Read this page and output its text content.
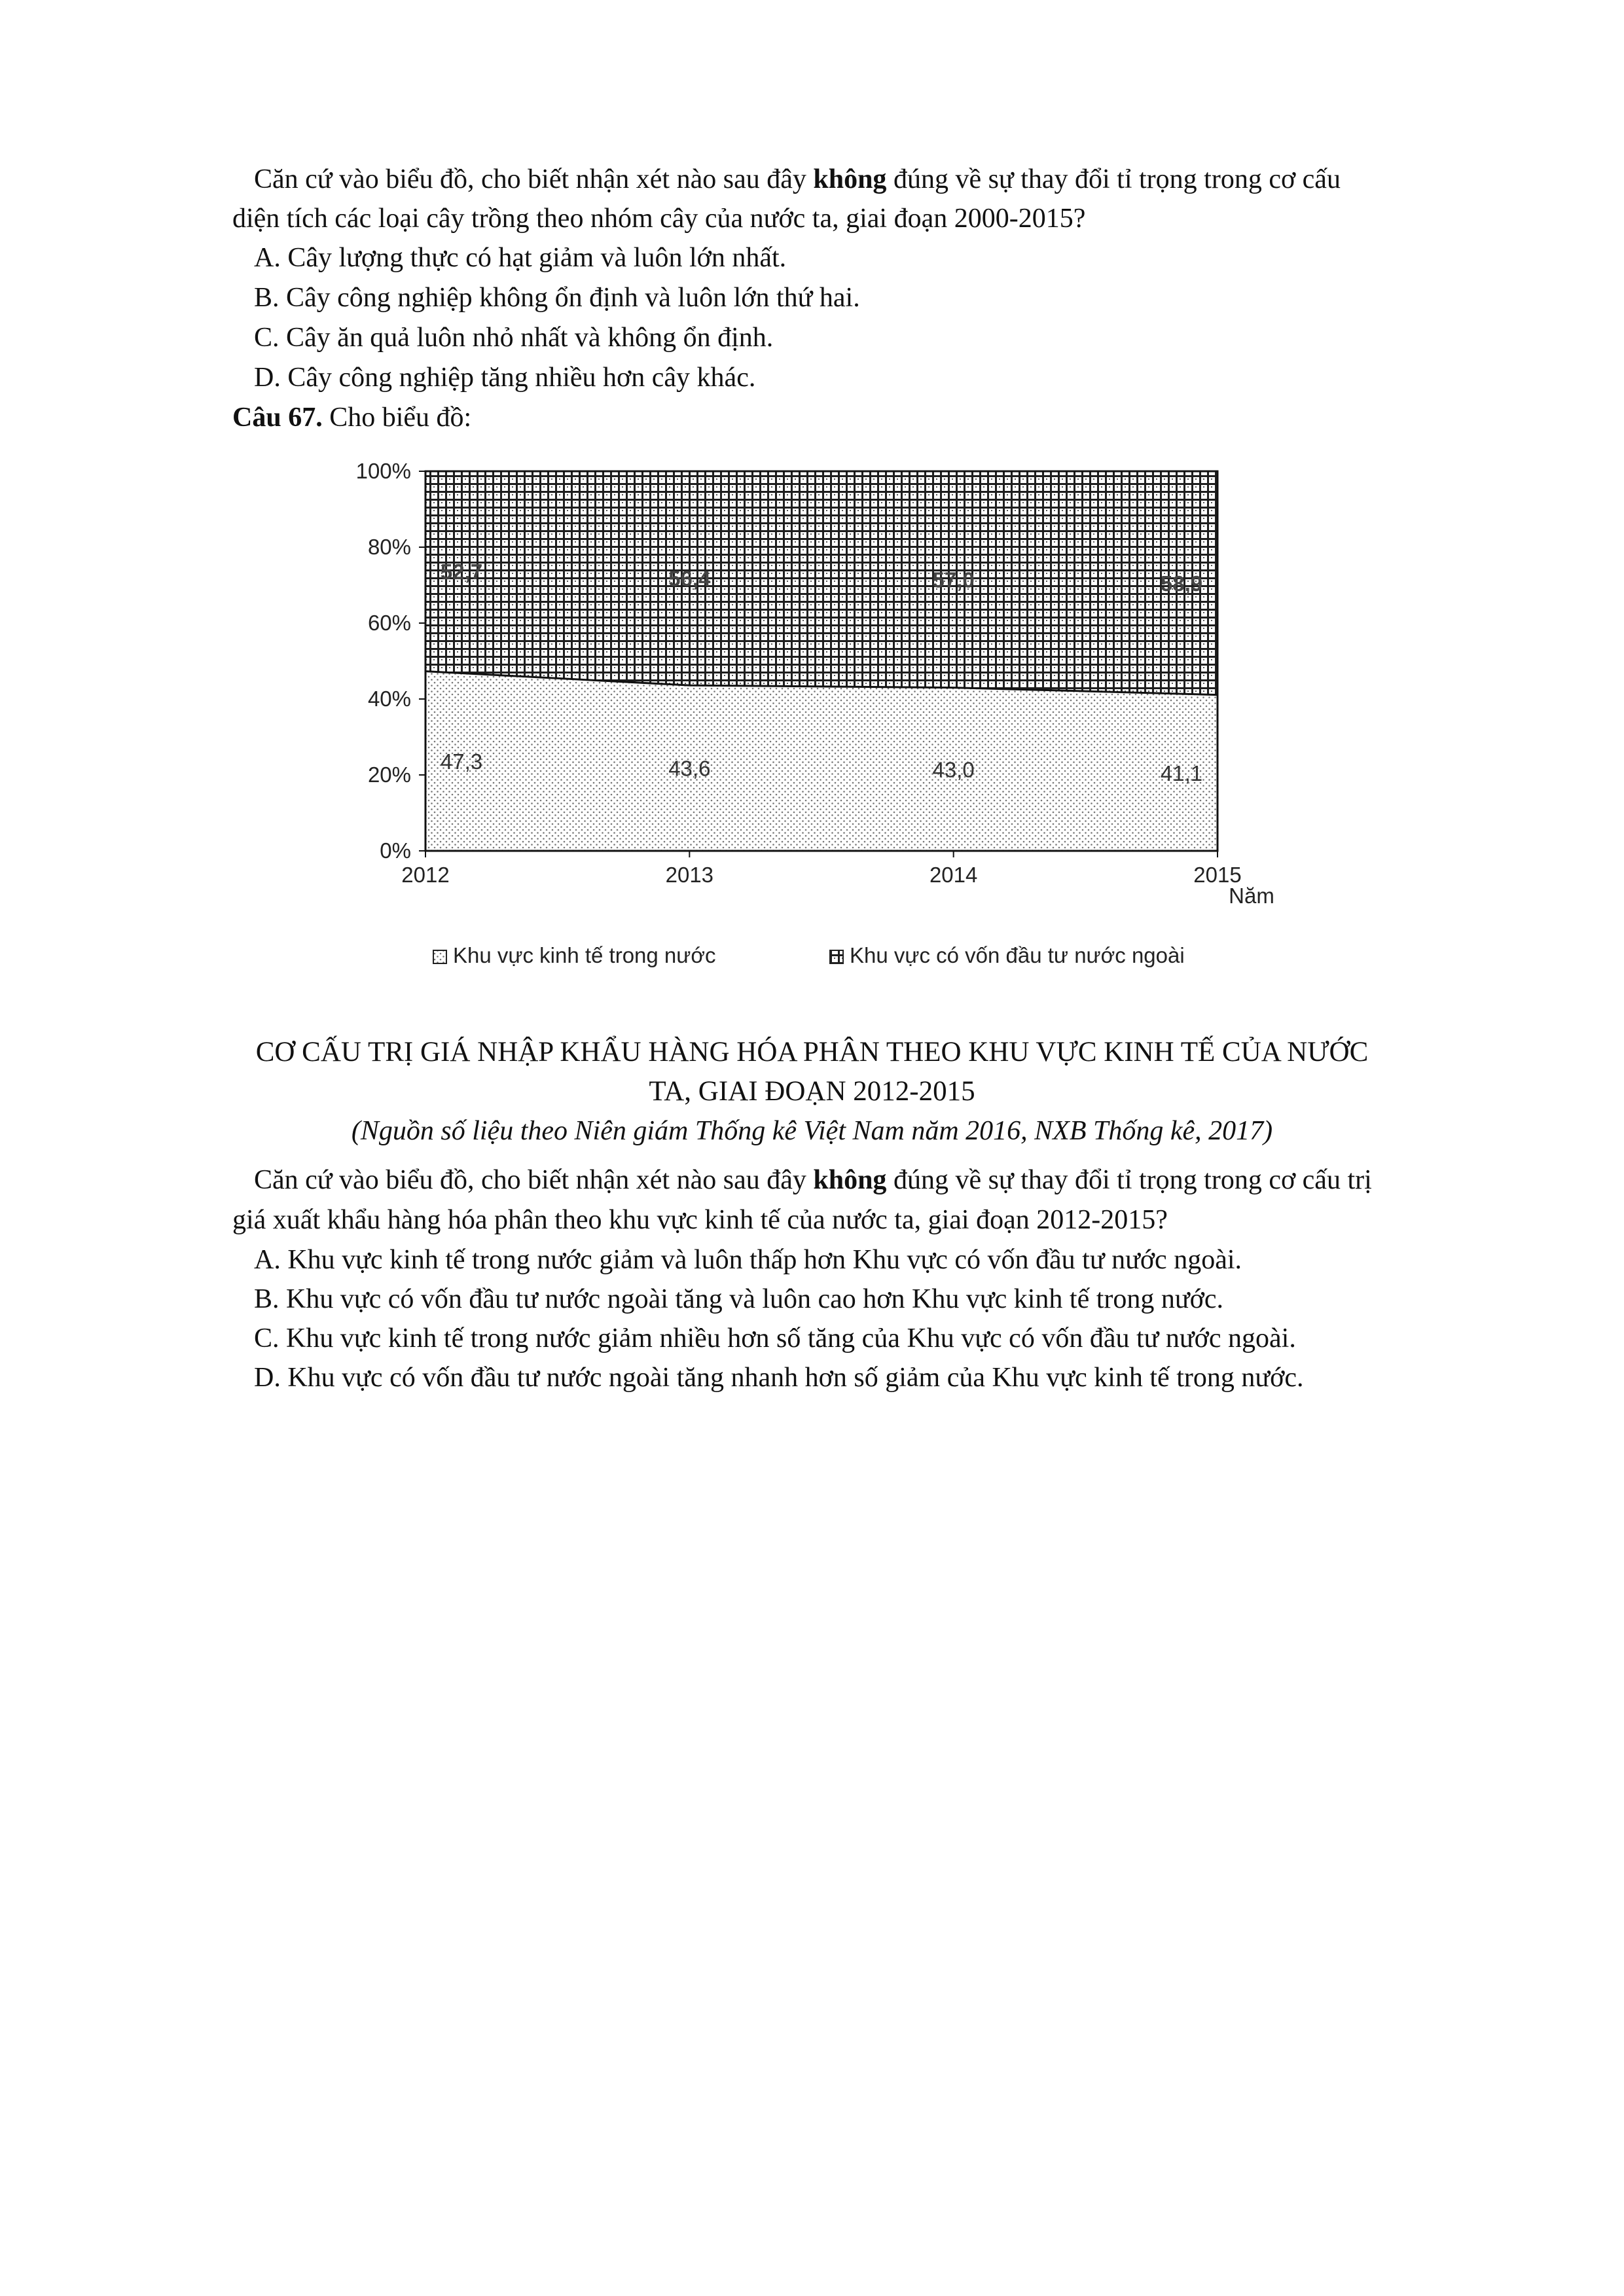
Căn cứ vào biểu đồ, cho biết nhận xét nào sau đây không đúng về sự thay đổi tỉ trọng trong cơ cấu
diện tích các loại cây trồng theo nhóm cây của nước ta, giai đoạn 2000-2015?
A. Cây lượng thực có hạt giảm và luôn lớn nhất.
B. Cây công nghiệp không ổn định và luôn lớn thứ hai.
C. Cây ăn quả luôn nhỏ nhất và không ổn định.
D. Cây công nghiệp tăng nhiều hơn cây khác.
Câu 67. Cho biểu đồ:
0%
20%
40%
60%
80%
100%
2012	2013	2014	2015
47,3	43,6	43,0	41,1
52,7	56,4	57,0	58,9
Năm
Khu vực kinh tế trong nước	Khu vực có vốn đầu tư nước ngoài
CƠ CẤU TRỊ GIÁ NHẬP KHẨU HÀNG HÓA PHÂN THEO KHU VỰC KINH TẾ CỦA NƯỚC
TA, GIAI ĐOẠN 2012-2015
(Nguồn số liệu theo Niên giám Thống kê Việt Nam năm 2016, NXB Thống kê, 2017)
Căn cứ vào biểu đồ, cho biết nhận xét nào sau đây không đúng về sự thay đổi tỉ trọng trong cơ cấu trị
giá xuất khẩu hàng hóa phân theo khu vực kinh tế của nước ta, giai đoạn 2012-2015?
A. Khu vực kinh tế trong nước giảm và luôn thấp hơn Khu vực có vốn đầu tư nước ngoài.
B. Khu vực có vốn đầu tư nước ngoài tăng và luôn cao hơn Khu vực kinh tế trong nước.
C. Khu vực kinh tế trong nước giảm nhiều hơn số tăng của Khu vực có vốn đầu tư nước ngoài.
D. Khu vực có vốn đầu tư nước ngoài tăng nhanh hơn số giảm của Khu vực kinh tế trong nước.
